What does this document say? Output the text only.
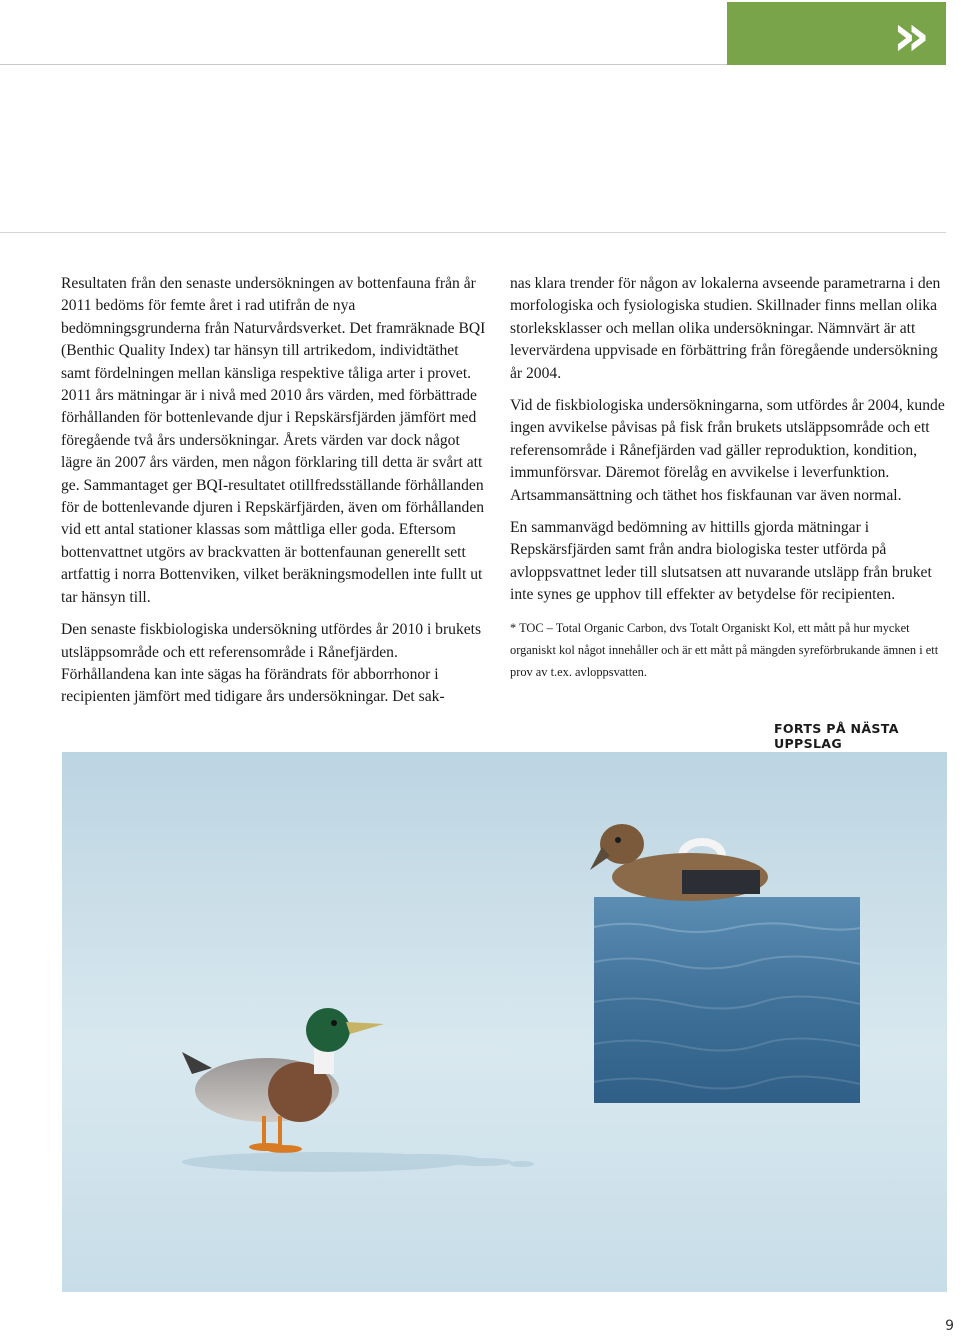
»

Resultaten från den senaste undersökningen av bottenfauna från år 2011 bedöms för femte året i rad utifrån de nya bedömningsgrunderna från Naturvårdsverket. Det framräknade BQI (Benthic Quality Index) tar hänsyn till artrikedom, individtäthet samt fördelningen mellan känsliga respektive tåliga arter i provet. 2011 års mätningar är i nivå med 2010 års värden, med förbättrade förhållanden för bottenlevande djur i Repskärsfjärden jämfört med föregående två års undersökningar. Årets värden var dock något lägre än 2007 års värden, men någon förklaring till detta är svårt att ge. Sammantaget ger BQI-resultatet otillfredsställande förhållanden för de bottenlevande djuren i Repskärfjärden, även om förhållanden vid ett antal stationer klassas som måttliga eller goda. Eftersom bottenvattnet utgörs av brackvatten är bottenfaunan generellt sett artfattig i norra Bottenviken, vilket beräkningsmodellen inte fullt ut tar hänsyn till.

Den senaste fiskbiologiska undersökning utfördes år 2010 i brukets utsläppsområde och ett referensområde i Rånefjärden. Förhållandena kan inte sägas ha förändrats för abborrhonor i recipienten jämfört med tidigare års undersökningar. Det sak-

nas klara trender för någon av lokalerna avseende parametrarna i den morfologiska och fysiologiska studien. Skillnader finns mellan olika storleksklasser och mellan olika undersökningar. Nämnvärt är att levervärdena uppvisade en förbättring från föregående undersökning år 2004.

Vid de fiskbiologiska undersökningarna, som utfördes år 2004, kunde ingen avvikelse påvisas på fisk från brukets utsläppsområde och ett referensområde i Rånefjärden vad gäller reproduktion, kondition, immunförsvar. Däremot förelåg en avvikelse i leverfunktion. Artsammansättning och täthet hos fiskfaunan var även normal.

En sammanvägd bedömning av hittills gjorda mätningar i Repskärsfjärden samt från andra biologiska tester utförda på avloppsvattnet leder till slutsatsen att nuvarande utsläpp från bruket inte synes ge upphov till effekter av betydelse för recipienten.

* TOC – Total Organic Carbon, dvs Totalt Organiskt Kol, ett mått på hur mycket organiskt kol något innehåller och är ett mått på mängden syreförbrukande ämnen i ett prov av t.ex. avloppsvatten.

FORTS PÅ NÄSTA UPPSLAG
9
